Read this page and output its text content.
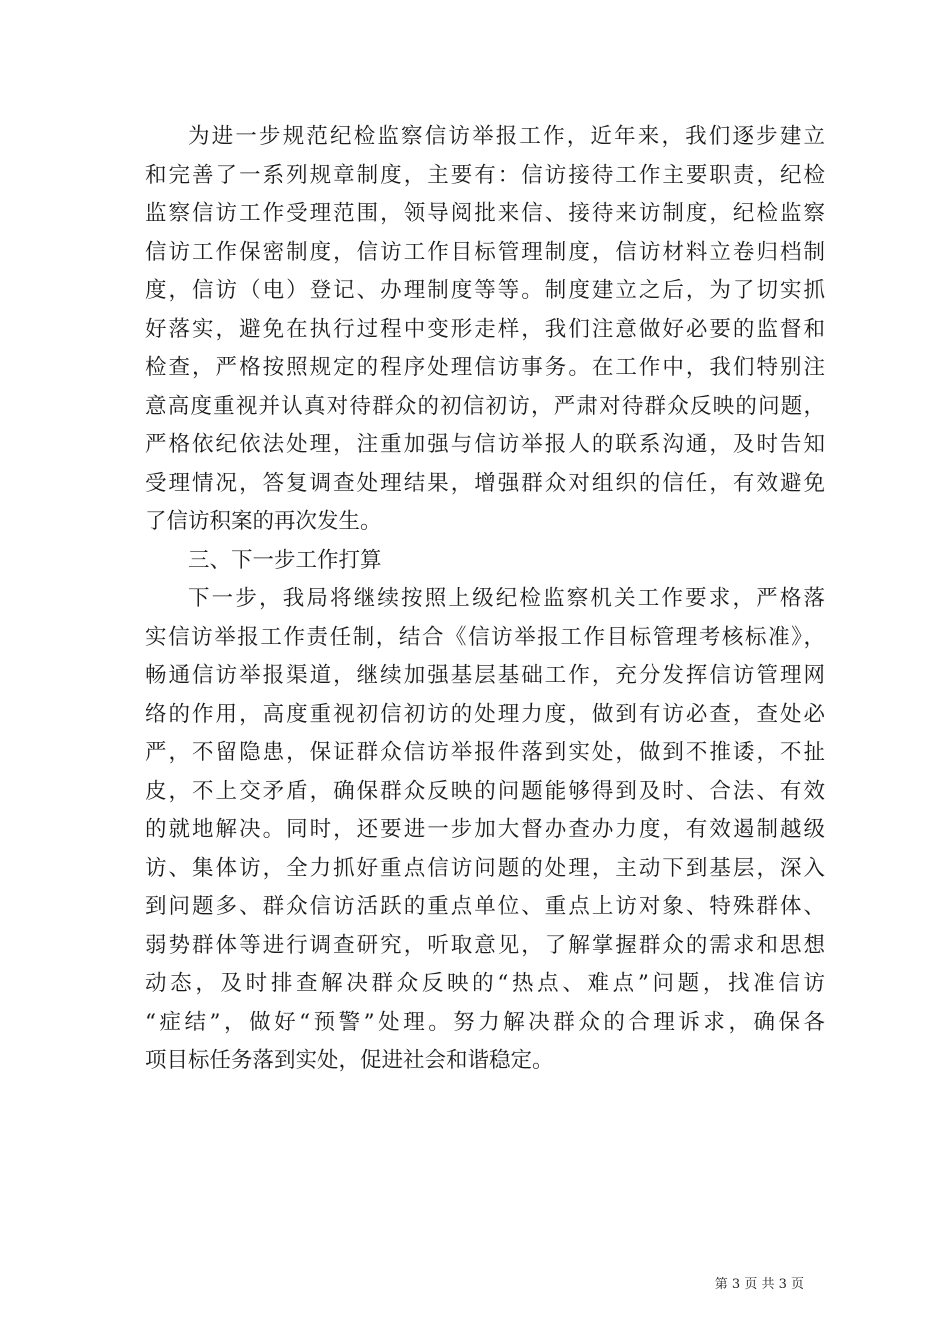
为进一步规范纪检监察信访举报工作，近年来，我们逐步建立
和完善了一系列规章制度，主要有：信访接待工作主要职责，纪检
监察信访工作受理范围，领导阅批来信、接待来访制度，纪检监察
信访工作保密制度，信访工作目标管理制度，信访材料立卷归档制
度，信访（电）登记、办理制度等等。制度建立之后，为了切实抓
好落实，避免在执行过程中变形走样，我们注意做好必要的监督和
检查，严格按照规定的程序处理信访事务。在工作中，我们特别注
意高度重视并认真对待群众的初信初访，严肃对待群众反映的问题，
严格依纪依法处理，注重加强与信访举报人的联系沟通，及时告知
受理情况，答复调查处理结果，增强群众对组织的信任，有效避免
了信访积案的再次发生。
三、下一步工作打算
下一步，我局将继续按照上级纪检监察机关工作要求，严格落
实信访举报工作责任制，结合《信访举报工作目标管理考核标准》，
畅通信访举报渠道，继续加强基层基础工作，充分发挥信访管理网
络的作用，高度重视初信初访的处理力度，做到有访必查，查处必
严，不留隐患，保证群众信访举报件落到实处，做到不推诿，不扯
皮，不上交矛盾，确保群众反映的问题能够得到及时、合法、有效
的就地解决。同时，还要进一步加大督办查办力度，有效遏制越级
访、集体访，全力抓好重点信访问题的处理，主动下到基层，深入
到问题多、群众信访活跃的重点单位、重点上访对象、特殊群体、
弱势群体等进行调查研究，听取意见，了解掌握群众的需求和思想
动态，及时排查解决群众反映的“热点、难点”问题，找准信访
“症结”，做好“预警”处理。努力解决群众的合理诉求，确保各
项目标任务落到实处，促进社会和谐稳定。
第 3 页 共 3 页
